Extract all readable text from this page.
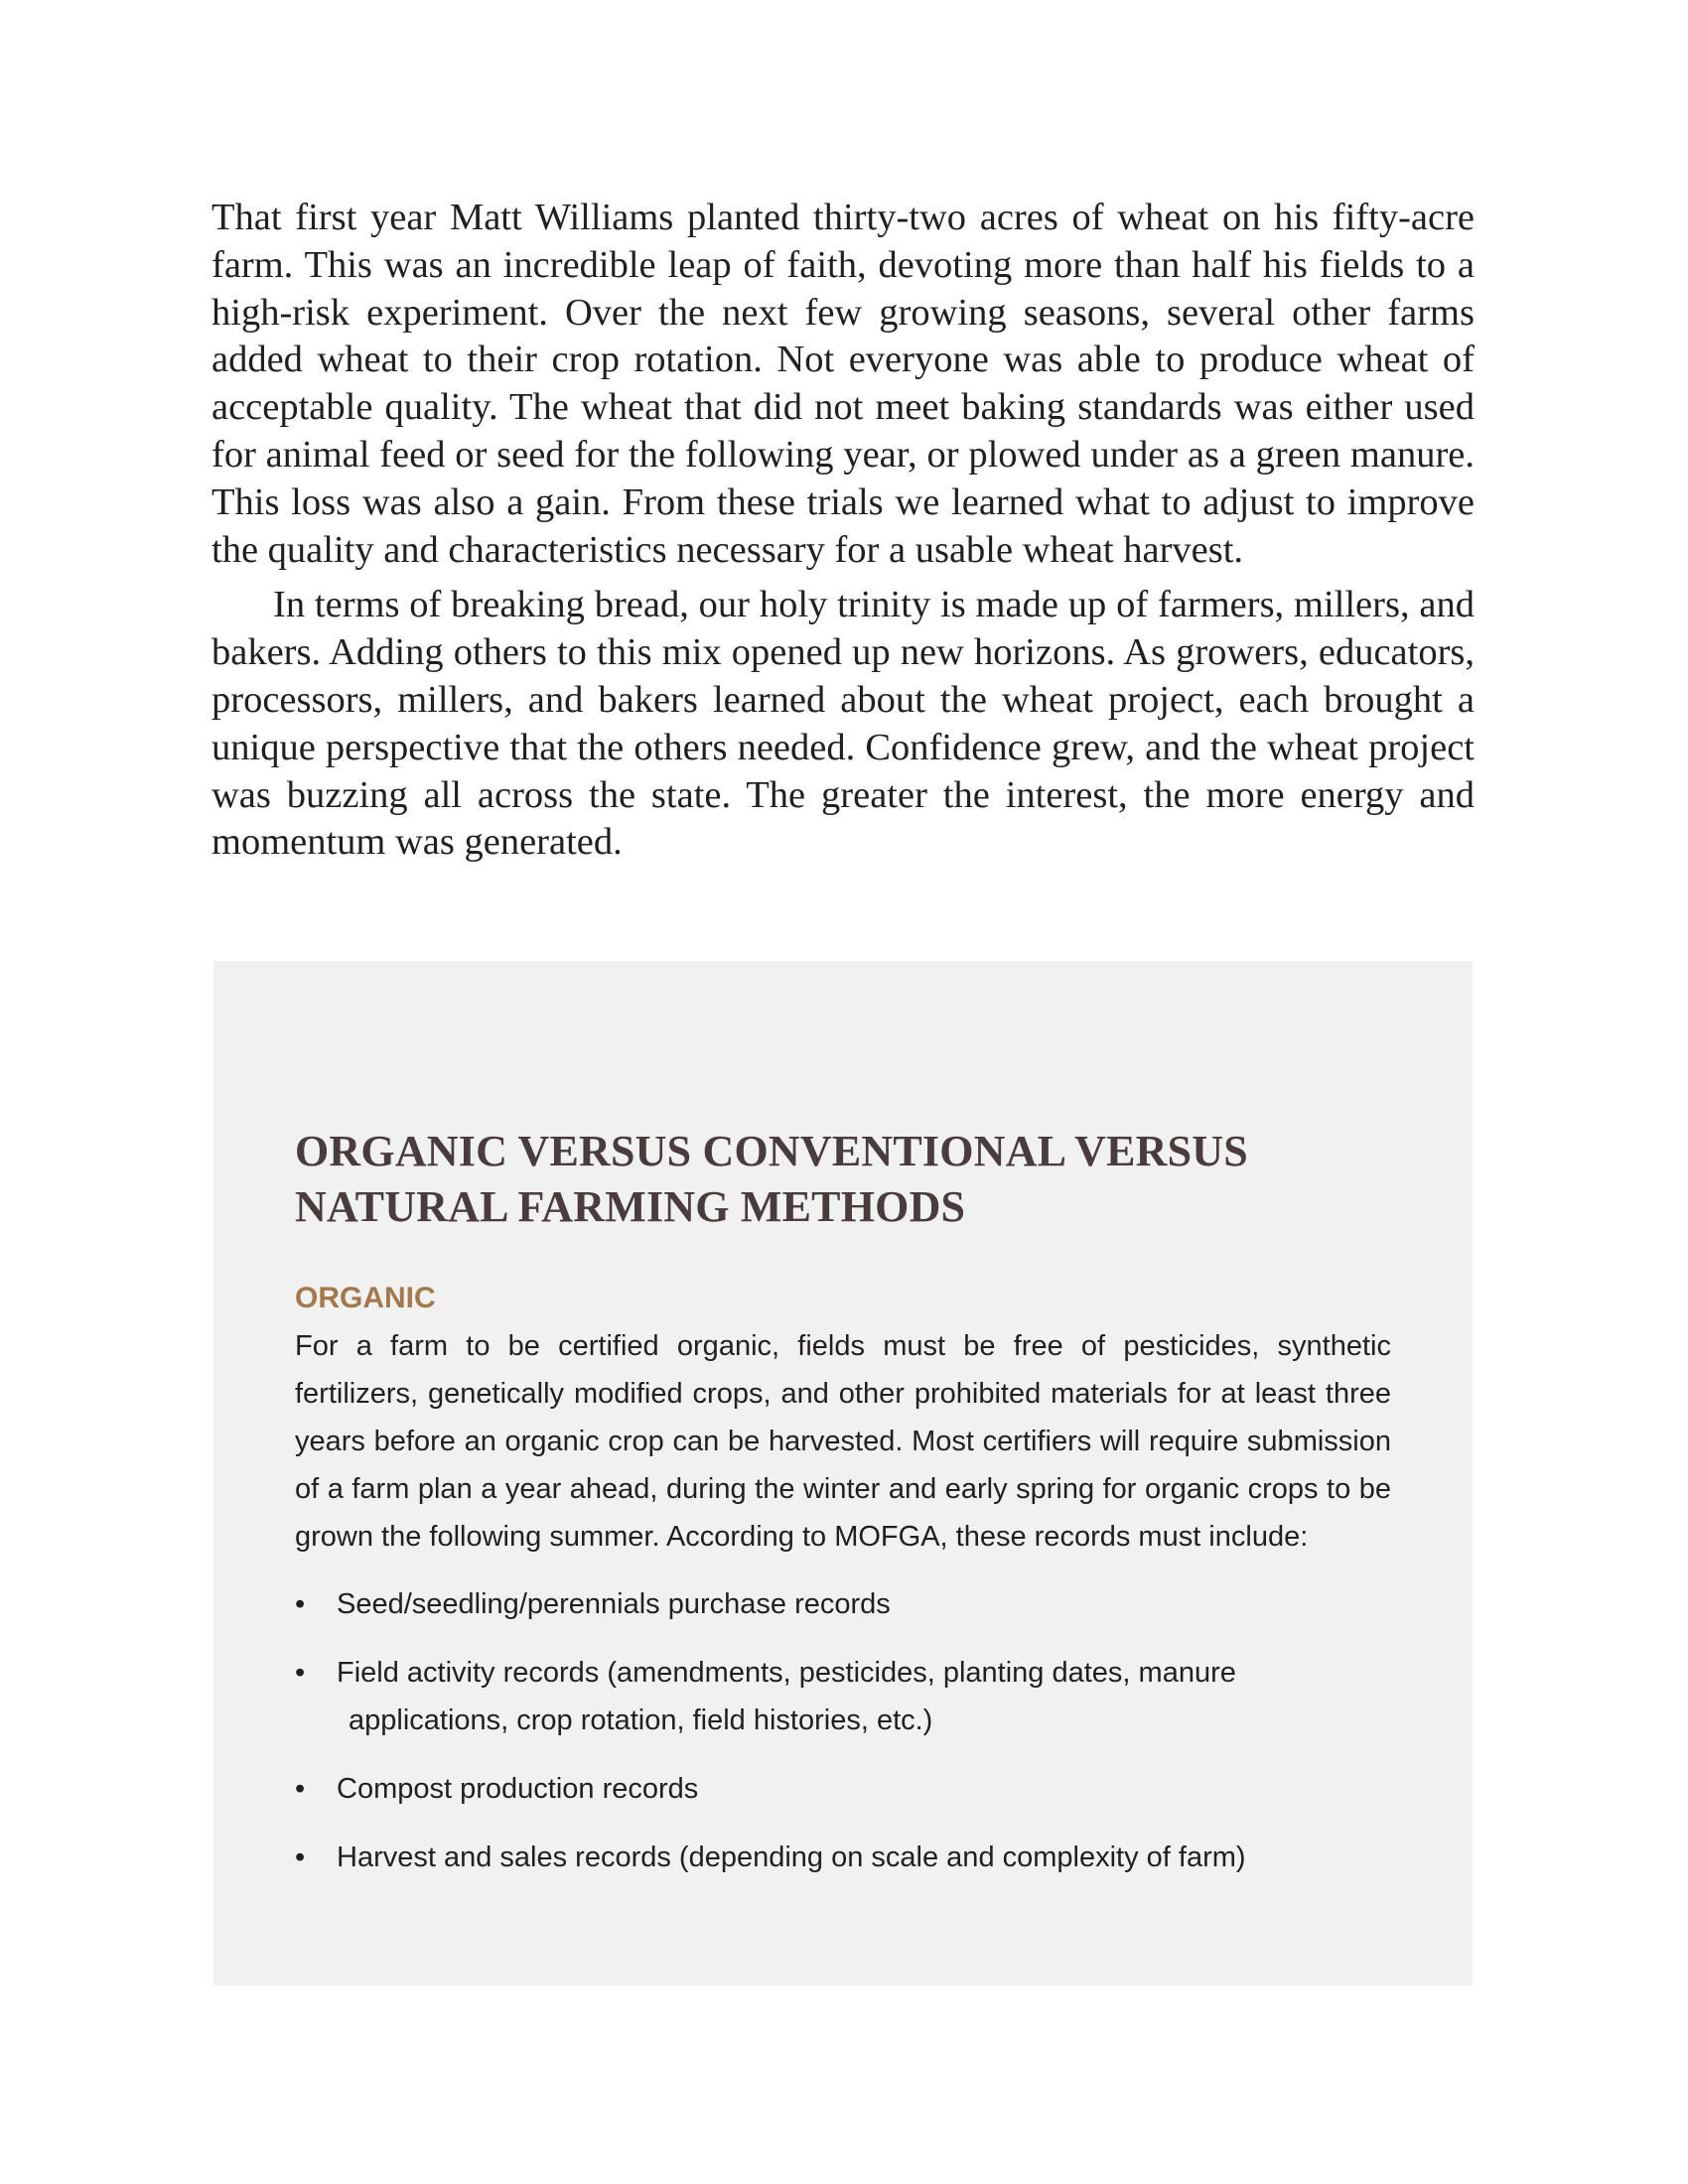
That first year Matt Williams planted thirty-two acres of wheat on his fifty-acre farm. This was an incredible leap of faith, devoting more than half his fields to a high-risk experiment. Over the next few growing seasons, several other farms added wheat to their crop rotation. Not everyone was able to produce wheat of acceptable quality. The wheat that did not meet baking standards was either used for animal feed or seed for the following year, or plowed under as a green manure. This loss was also a gain. From these trials we learned what to adjust to improve the quality and characteristics necessary for a usable wheat harvest.

In terms of breaking bread, our holy trinity is made up of farmers, millers, and bakers. Adding others to this mix opened up new horizons. As growers, educators, processors, millers, and bakers learned about the wheat project, each brought a unique perspective that the others needed. Confidence grew, and the wheat project was buzzing all across the state. The greater the interest, the more energy and momentum was generated.

ORGANIC VERSUS CONVENTIONAL VERSUS
NATURAL FARMING METHODS
ORGANIC

For a farm to be certified organic, fields must be free of pesticides, synthetic fertilizers, genetically modified crops, and other prohibited materials for at least three years before an organic crop can be harvested. Most certifiers will require submission of a farm plan a year ahead, during the winter and early spring for organic crops to be grown the following summer. According to MOFGA, these records must include:

• Seed/seedling/perennials purchase records
• Field activity records (amendments, pesticides, planting dates, manure
applications, crop rotation, field histories, etc.)
• Compost production records
• Harvest and sales records (depending on scale and complexity of farm)
